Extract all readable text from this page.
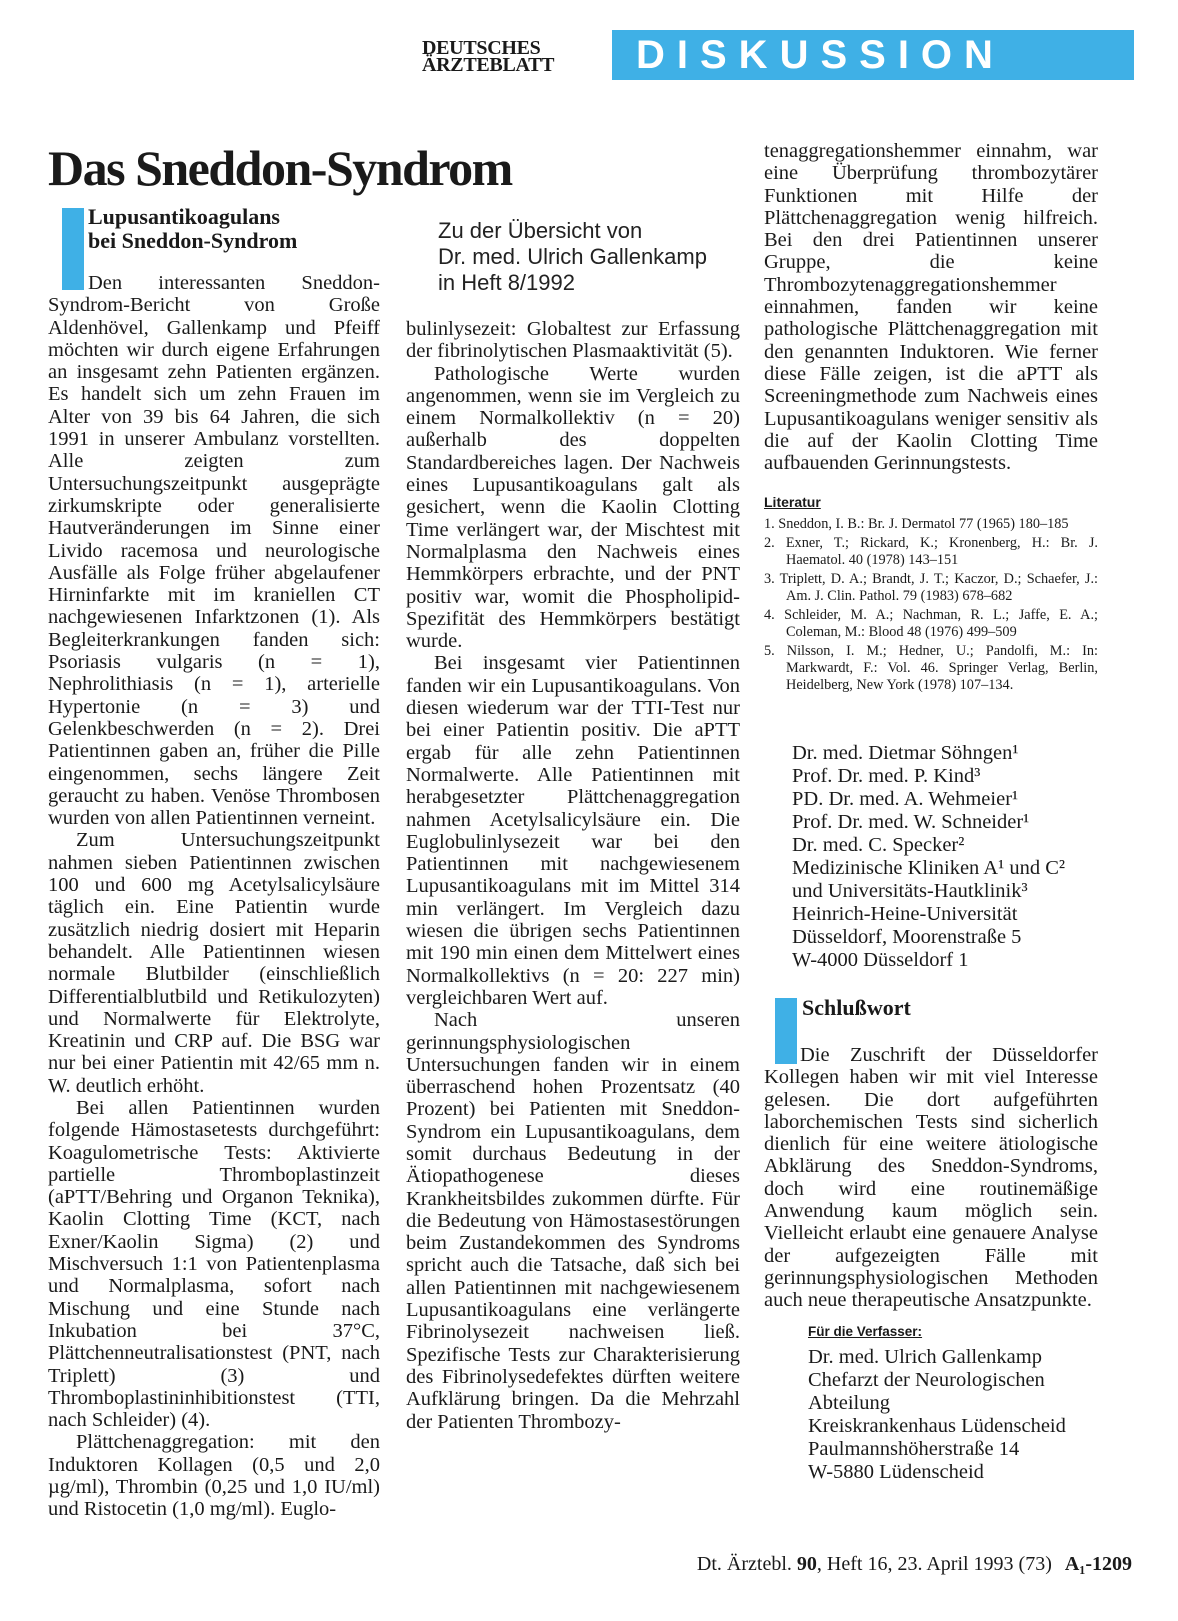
DEUTSCHES
ÄRZTEBLATT	DISKUSSION
Das Sneddon-Syndrom
Lupusantikoagulans
bei Sneddon-Syndrom

Den interessanten Sneddon-Syndrom-Bericht von Große Aldenhövel, Gallenkamp und Pfeiff möchten wir durch eigene Erfahrungen an insgesamt zehn Patienten ergänzen. Es handelt sich um zehn Frauen im Alter von 39 bis 64 Jahren, die sich 1991 in unserer Ambulanz vorstellten. Alle zeigten zum Untersuchungszeitpunkt ausgeprägte zirkumskripte oder generalisierte Hautveränderungen im Sinne einer Livido racemosa und neurologische Ausfälle als Folge früher abgelaufener Hirninfarkte mit im kraniellen CT nachgewiesenen Infarktzonen (1). Als Begleiterkrankungen fanden sich: Psoriasis vulgaris (n = 1), Nephrolithiasis (n = 1), arterielle Hypertonie (n = 3) und Gelenkbeschwerden (n = 2). Drei Patientinnen gaben an, früher die Pille eingenommen, sechs längere Zeit geraucht zu haben. Venöse Thrombosen wurden von allen Patientinnen verneint.

Zum Untersuchungszeitpunkt nahmen sieben Patientinnen zwischen 100 und 600 mg Acetylsalicylsäure täglich ein. Eine Patientin wurde zusätzlich niedrig dosiert mit Heparin behandelt. Alle Patientinnen wiesen normale Blutbilder (einschließlich Differentialblutbild und Retikulozyten) und Normalwerte für Elektrolyte, Kreatinin und CRP auf. Die BSG war nur bei einer Patientin mit 42/65 mm n. W. deutlich erhöht.

Bei allen Patientinnen wurden folgende Hämostasetests durchgeführt: Koagulometrische Tests: Aktivierte partielle Thromboplastinzeit (aPTT/Behring und Organon Teknika), Kaolin Clotting Time (KCT, nach Exner/Kaolin Sigma) (2) und Mischversuch 1:1 von Patientenplasma und Normalplasma, sofort nach Mischung und eine Stunde nach Inkubation bei 37°C, Plättchenneutralisationstest (PNT, nach Triplett) (3) und Thromboplastininhibitionstest (TTI, nach Schleider) (4).

Plättchenaggregation: mit den Induktoren Kollagen (0,5 und 2,0 µg/ml), Thrombin (0,25 und 1,0 IU/ml) und Ristocetin (1,0 mg/ml). Euglo-

Zu der Übersicht von
Dr. med. Ulrich Gallenkamp
in Heft 8/1992

bulinlysezeit: Globaltest zur Erfassung der fibrinolytischen Plasmaaktivität (5).

Pathologische Werte wurden angenommen, wenn sie im Vergleich zu einem Normalkollektiv (n = 20) außerhalb des doppelten Standardbereiches lagen. Der Nachweis eines Lupusantikoagulans galt als gesichert, wenn die Kaolin Clotting Time verlängert war, der Mischtest mit Normalplasma den Nachweis eines Hemmkörpers erbrachte, und der PNT positiv war, womit die Phospholipid-Spezifität des Hemmkörpers bestätigt wurde.

Bei insgesamt vier Patientinnen fanden wir ein Lupusantikoagulans. Von diesen wiederum war der TTI-Test nur bei einer Patientin positiv. Die aPTT ergab für alle zehn Patientinnen Normalwerte. Alle Patientinnen mit herabgesetzter Plättchenaggregation nahmen Acetylsalicylsäure ein. Die Euglobulinlysezeit war bei den Patientinnen mit nachgewiesenem Lupusantikoagulans mit im Mittel 314 min verlängert. Im Vergleich dazu wiesen die übrigen sechs Patientinnen mit 190 min einen dem Mittelwert eines Normalkollektivs (n = 20: 227 min) vergleichbaren Wert auf.

Nach unseren gerinnungsphysiologischen Untersuchungen fanden wir in einem überraschend hohen Prozentsatz (40 Prozent) bei Patienten mit Sneddon-Syndrom ein Lupusantikoagulans, dem somit durchaus Bedeutung in der Ätiopathogenese dieses Krankheitsbildes zukommen dürfte. Für die Bedeutung von Hämostasestörungen beim Zustandekommen des Syndroms spricht auch die Tatsache, daß sich bei allen Patientinnen mit nachgewiesenem Lupusantikoagulans eine verlängerte Fibrinolysezeit nachweisen ließ. Spezifische Tests zur Charakterisierung des Fibrinolysedefektes dürften weitere Aufklärung bringen. Da die Mehrzahl der Patienten Thrombozy-

tenaggregationshemmer einnahm, war eine Überprüfung thrombozytärer Funktionen mit Hilfe der Plättchenaggregation wenig hilfreich. Bei den drei Patientinnen unserer Gruppe, die keine Thrombozytenaggregationshemmer einnahmen, fanden wir keine pathologische Plättchenaggregation mit den genannten Induktoren. Wie ferner diese Fälle zeigen, ist die aPTT als Screeningmethode zum Nachweis eines Lupusantikoagulans weniger sensitiv als die auf der Kaolin Clotting Time aufbauenden Gerinnungstests.

Literatur
1. Sneddon, I. B.: Br. J. Dermatol 77 (1965) 180–185
2. Exner, T.; Rickard, K.; Kronenberg, H.: Br. J. Haematol. 40 (1978) 143–151
3. Triplett, D. A.; Brandt, J. T.; Kaczor, D.; Schaefer, J.: Am. J. Clin. Pathol. 79 (1983) 678–682
4. Schleider, M. A.; Nachman, R. L.; Jaffe, E. A.; Coleman, M.: Blood 48 (1976) 499–509
5. Nilsson, I. M.; Hedner, U.; Pandolfi, M.: In: Markwardt, F.: Vol. 46. Springer Verlag, Berlin, Heidelberg, New York (1978) 107–134.
Dr. med. Dietmar Söhngen¹
Prof. Dr. med. P. Kind³
PD. Dr. med. A. Wehmeier¹
Prof. Dr. med. W. Schneider¹
Dr. med. C. Specker²
Medizinische Kliniken A¹ und C²
und Universitäts-Hautklinik³
Heinrich-Heine-Universität
Düsseldorf, Moorenstraße 5
W-4000 Düsseldorf 1
Schlußwort

Die Zuschrift der Düsseldorfer Kollegen haben wir mit viel Interesse gelesen. Die dort aufgeführten laborchemischen Tests sind sicherlich dienlich für eine weitere ätiologische Abklärung des Sneddon-Syndroms, doch wird eine routinemäßige Anwendung kaum möglich sein. Vielleicht erlaubt eine genauere Analyse der aufgezeigten Fälle mit gerinnungsphysiologischen Methoden auch neue therapeutische Ansatzpunkte.

Für die Verfasser:
Dr. med. Ulrich Gallenkamp
Chefarzt der Neurologischen
Abteilung
Kreiskrankenhaus Lüdenscheid
Paulmannshöherstraße 14
W-5880 Lüdenscheid
Dt. Ärztebl. 90, Heft 16, 23. April 1993 (73) A₁-1209
